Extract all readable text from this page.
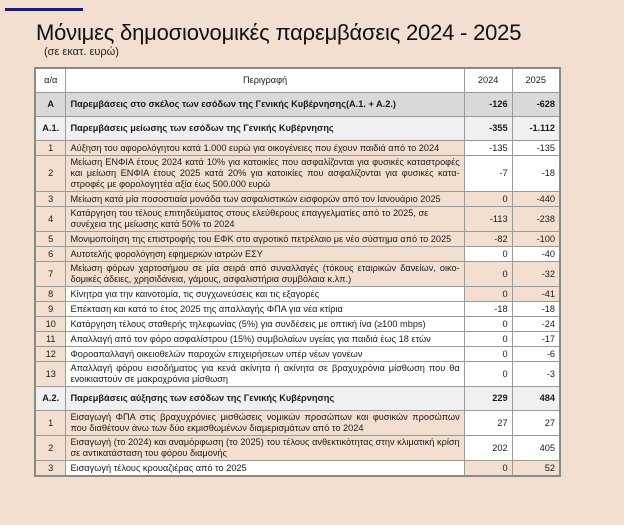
Μόνιμες δημοσιονομικές παρεμβάσεις 2024 - 2025
(σε εκατ. ευρώ)
α/α	Περιγραφή	2024	2025
Α	Παρεμβάσεις στο σκέλος των εσόδων της Γενικής Κυβέρνησης(Α.1. + Α.2.)	-126	-628
Α.1.	Παρεμβάσεις μείωσης των εσόδων της Γενικής Κυβέρνησης	-355	-1.112
1	Αύξηση του αφορολόγητου κατά 1.000 ευρώ για οικογένειες που έχουν παιδιά από το 2024	-135	-135
2	Μείωση ΕΝΦΙΑ έτους 2024 κατά 10% για κατοικίες που ασφαλίζονται για φυσικές καταστροφές και μείωση ΕΝΦΙΑ έτους 2025 κατά 20% για κατοικίες που ασφαλίζονται για φυσικές κατα-στροφές με φορολογητέα αξία έως 500.000 ευρώ	-7	-18
3	Μείωση κατά μία ποσοστιαία μονάδα των ασφαλιστικών εισφορών από τον Ιανουάριο 2025	0	-440
4	Κατάργηση του τέλους επιτηδεύματος στους ελεύθερους επαγγελματίες από το 2025, σε συνέχεια της μείωσης κατά 50% το 2024	-113	-238
5	Μονιμοποίηση της επιστροφής του ΕΦΚ στο αγροτικό πετρέλαιο με νέο σύστημα από το 2025	-82	-100
6	Αυτοτελής φορολόγηση εφημεριών ιατρών ΕΣΥ	0	-40
7	Μείωση φόρων χαρτοσήμου σε μία σειρά από συναλλαγές (τόκους εταιρικών δανείων, οικο-δομικές άδειες, χρησιδάνεια, γάμους, ασφαλιστήρια συμβόλαια κ.λπ.)	0	-32
8	Κίνητρα για την καινοτομία, τις συγχωνεύσεις και τις εξαγορές	0	-41
9	Επέκταση και κατά το έτος 2025 της απαλλαγής ΦΠΑ για νέα κτίρια	-18	-18
10	Κατάργηση τέλους σταθερής τηλεφωνίας (5%) για συνδέσεις με οπτική ίνα (≥100 mbps)	0	-24
11	Απαλλαγή από τον φόρο ασφαλίστρου (15%) συμβολαίων υγείας για παιδιά έως 18 ετών	0	-17
12	Φοροαπαλλαγή οικειοθελών παροχών επιχειρήσεων υπέρ νέων γονέων	0	-6
13	Απαλλαγή φόρου εισοδήματος για κενά ακίνητα ή ακίνητα σε βραχυχρόνια μίσθωση που θα ενοικιαστούν σε μακροχρόνια μίσθωση	0	-3
Α.2.	Παρεμβάσεις αύξησης των εσόδων της Γενικής Κυβέρνησης	229	484
1	Εισαγωγή ΦΠΑ στις βραχυχρόνιες μισθώσεις νομικών προσώπων και φυσικών προσώπων που διαθέτουν άνω των δύο εκμισθωμένων διαμερισμάτων από το 2024	27	27
2	Εισαγωγή (το 2024) και αναμόρφωση (το 2025) του τέλους ανθεκτικότητας στην κλιματική κρίση σε αντικατάσταση του φόρου διαμονής	202	405
3	Εισαγωγή τέλους κρουαζιέρας από το 2025	0	52
